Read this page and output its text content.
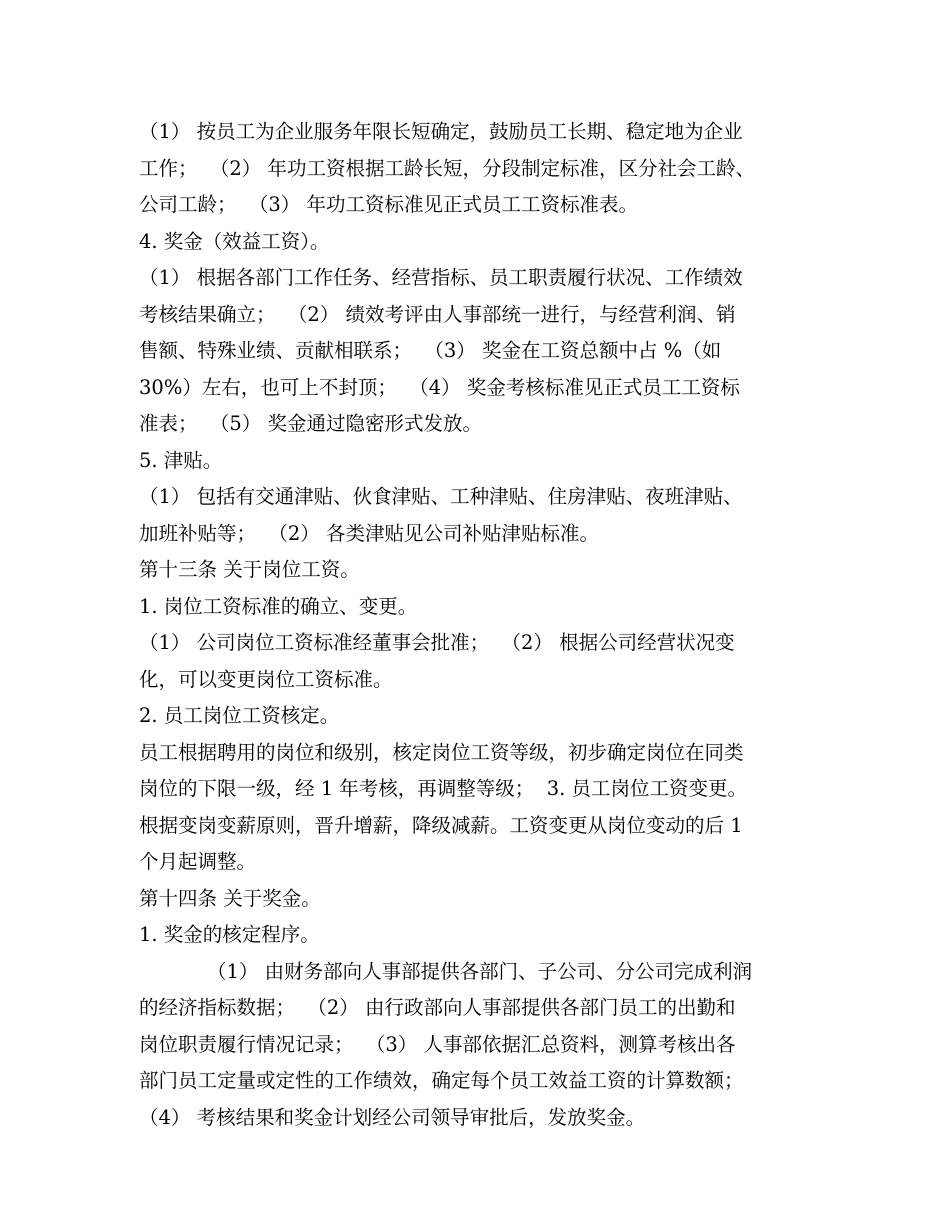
（1） 按员工为企业服务年限长短确定，鼓励员工长期、稳定地为企业
工作；  （2） 年功工资根据工龄长短，分段制定标准，区分社会工龄、
公司工龄；  （3） 年功工资标准见正式员工工资标准表。
4. 奖金（效益工资）。
（1） 根据各部门工作任务、经营指标、员工职责履行状况、工作绩效
考核结果确立；  （2） 绩效考评由人事部统一进行，与经营利润、销
售额、特殊业绩、贡献相联系；  （3） 奖金在工资总额中占 %（如
30%）左右，也可上不封顶；  （4） 奖金考核标准见正式员工工资标
准表；  （5） 奖金通过隐密形式发放。
5. 津贴。
（1） 包括有交通津贴、伙食津贴、工种津贴、住房津贴、夜班津贴、
加班补贴等；  （2） 各类津贴见公司补贴津贴标准。
第十三条 关于岗位工资。
1. 岗位工资标准的确立、变更。
（1） 公司岗位工资标准经董事会批准；  （2） 根据公司经营状况变
化，可以变更岗位工资标准。
2. 员工岗位工资核定。
员工根据聘用的岗位和级别，核定岗位工资等级，初步确定岗位在同类
岗位的下限一级，经 1 年考核，再调整等级；  3. 员工岗位工资变更。
根据变岗变薪原则，晋升增薪，降级减薪。工资变更从岗位变动的后 1
个月起调整。
第十四条 关于奖金。
1. 奖金的核定程序。
（1） 由财务部向人事部提供各部门、子公司、分公司完成利润
的经济指标数据；  （2） 由行政部向人事部提供各部门员工的出勤和
岗位职责履行情况记录；  （3） 人事部依据汇总资料，测算考核出各
部门员工定量或定性的工作绩效，确定每个员工效益工资的计算数额；
（4） 考核结果和奖金计划经公司领导审批后，发放奖金。
